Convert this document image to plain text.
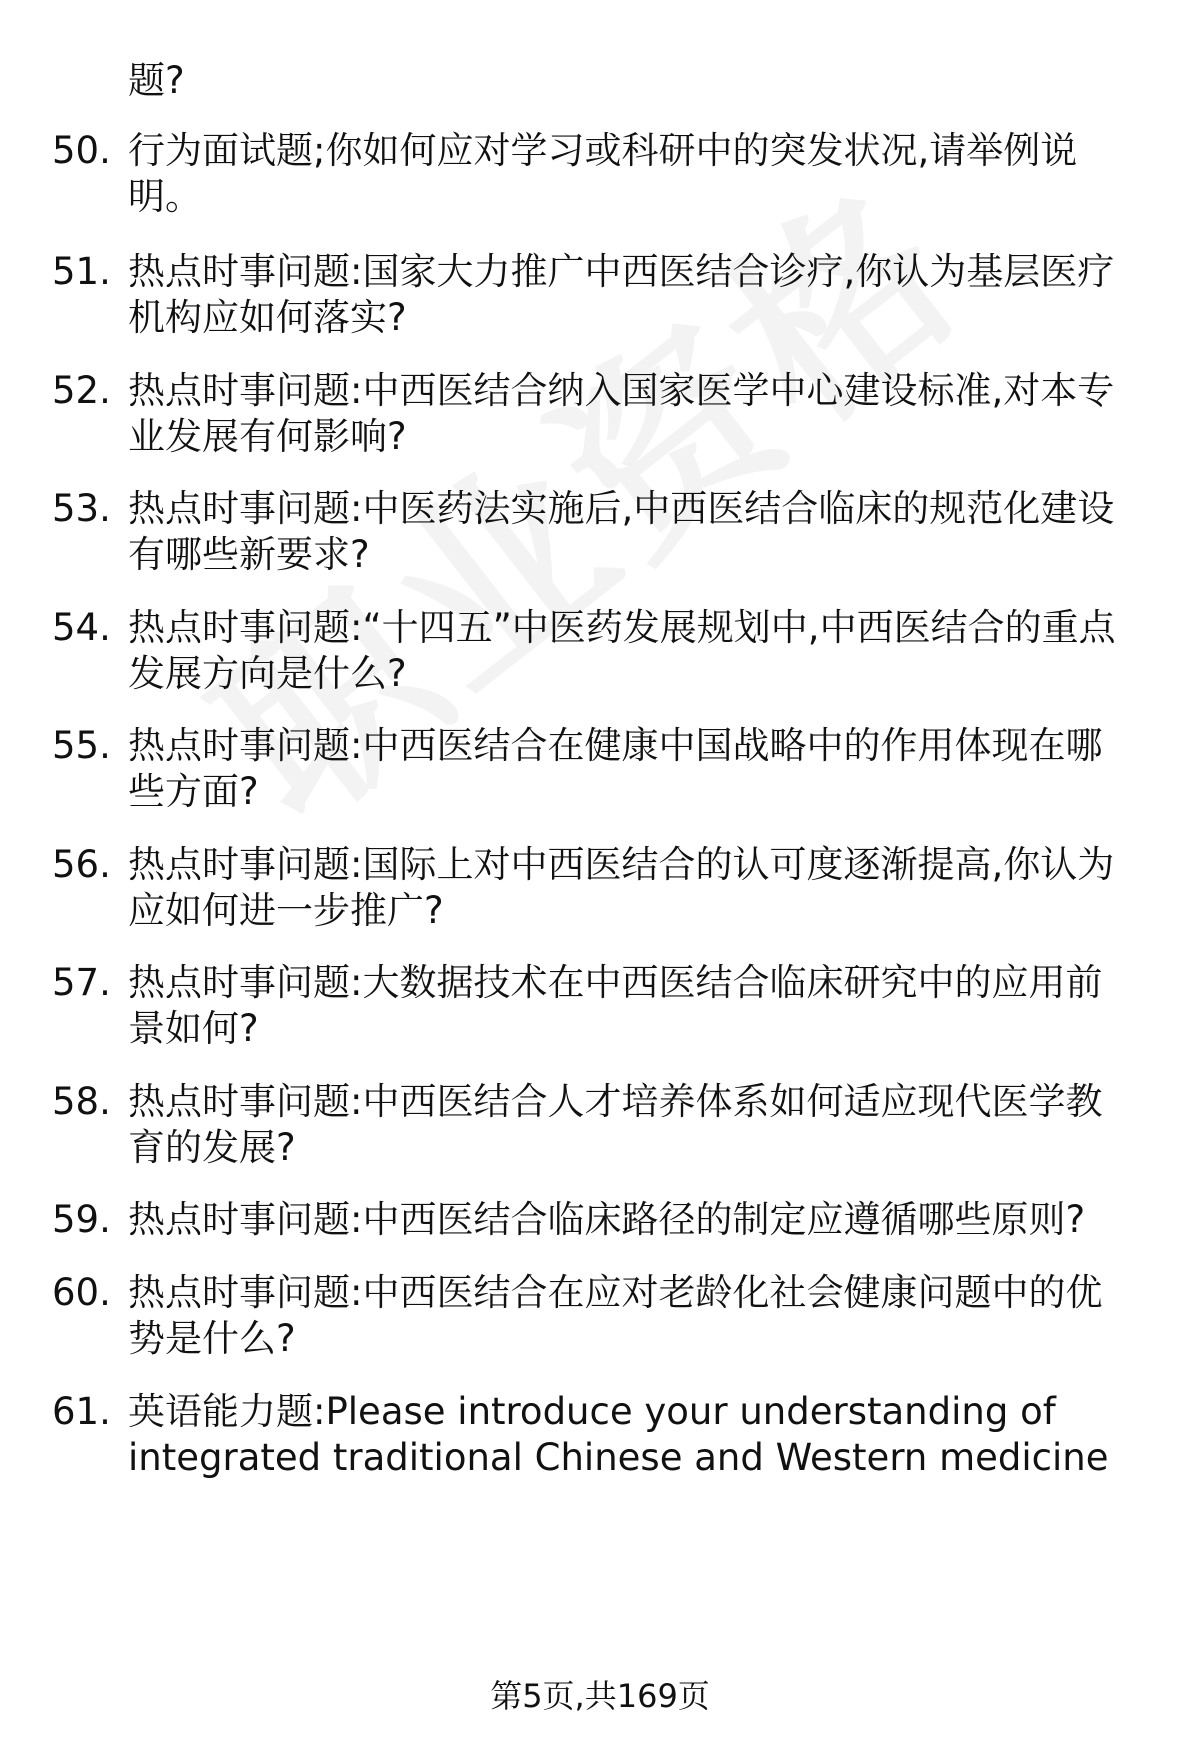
题?

50. 行为面试题;你如何应对学习或科研中的突发状况,请举例说明。
51. 热点时事问题:国家大力推广中西医结合诊疗,你认为基层医疗机构应如何落实?
52. 热点时事问题:中西医结合纳入国家医学中心建设标准,对本专业发展有何影响?
53. 热点时事问题:中医药法实施后,中西医结合临床的规范化建设有哪些新要求?
54. 热点时事问题:“十四五”中医药发展规划中,中西医结合的重点发展方向是什么?
55. 热点时事问题:中西医结合在健康中国战略中的作用体现在哪些方面?
56. 热点时事问题:国际上对中西医结合的认可度逐渐提高,你认为应如何进一步推广?
57. 热点时事问题:大数据技术在中西医结合临床研究中的应用前景如何?
58. 热点时事问题:中西医结合人才培养体系如何适应现代医学教育的发展?
59. 热点时事问题:中西医结合临床路径的制定应遵循哪些原则?
60. 热点时事问题:中西医结合在应对老龄化社会健康问题中的优势是什么?
61. 英语能力题:Please introduce your understanding of integrated traditional Chinese and Western medicine
第5页,共169页
